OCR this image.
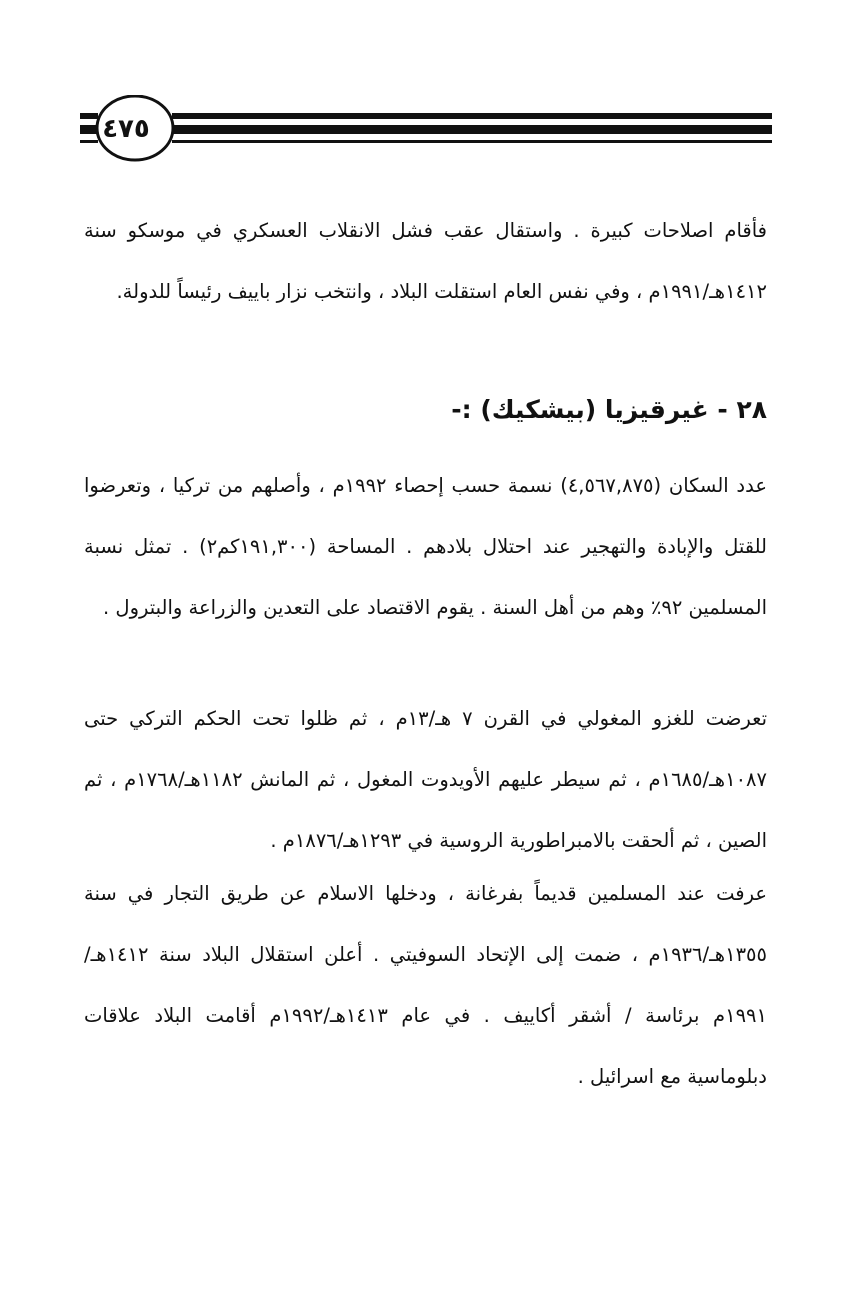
٤٧٥

فأقام اصلاحات كبيرة . واستقال عقب فشل الانقلاب العسكري في موسكو سنة ١٤١٢هـ/١٩٩١م ، وفي نفس العام استقلت البلاد ، وانتخب نزار باييف رئيساً للدولة.

٢٨ - غيرقيزيا (بيشكيك) :-

عدد السكان (٤,٥٦٧,٨٧٥) نسمة حسب إحصاء ١٩٩٢م ، وأصلهم من تركيا ، وتعرضوا للقتل والإبادة والتهجير عند احتلال بلادهم . المساحة (١٩١,٣٠٠كم٢) . تمثل نسبة المسلمين ٩٢٪ وهم من أهل السنة . يقوم الاقتصاد على التعدين والزراعة والبترول .

تعرضت للغزو المغولي في القرن ٧ هـ/١٣م ، ثم ظلوا تحت الحكم التركي حتى ١٠٨٧هـ/١٦٨٥م ، ثم سيطر عليهم الأويدوت المغول ، ثم المانش ١١٨٢هـ/١٧٦٨م ، ثم الصين ، ثم ألحقت بالامبراطورية الروسية في ١٢٩٣هـ/١٨٧٦م .

عرفت عند المسلمين قديماً بفرغانة ، ودخلها الاسلام عن طريق التجار في سنة ١٣٥٥هـ/١٩٣٦م ، ضمت إلى الإتحاد السوفيتي . أعلن استقلال البلاد سنة ١٤١٢هـ/١٩٩١م برئاسة / أشقر أكاييف . في عام ١٤١٣هـ/١٩٩٢م أقامت البلاد علاقات دبلوماسية مع اسرائيل .
